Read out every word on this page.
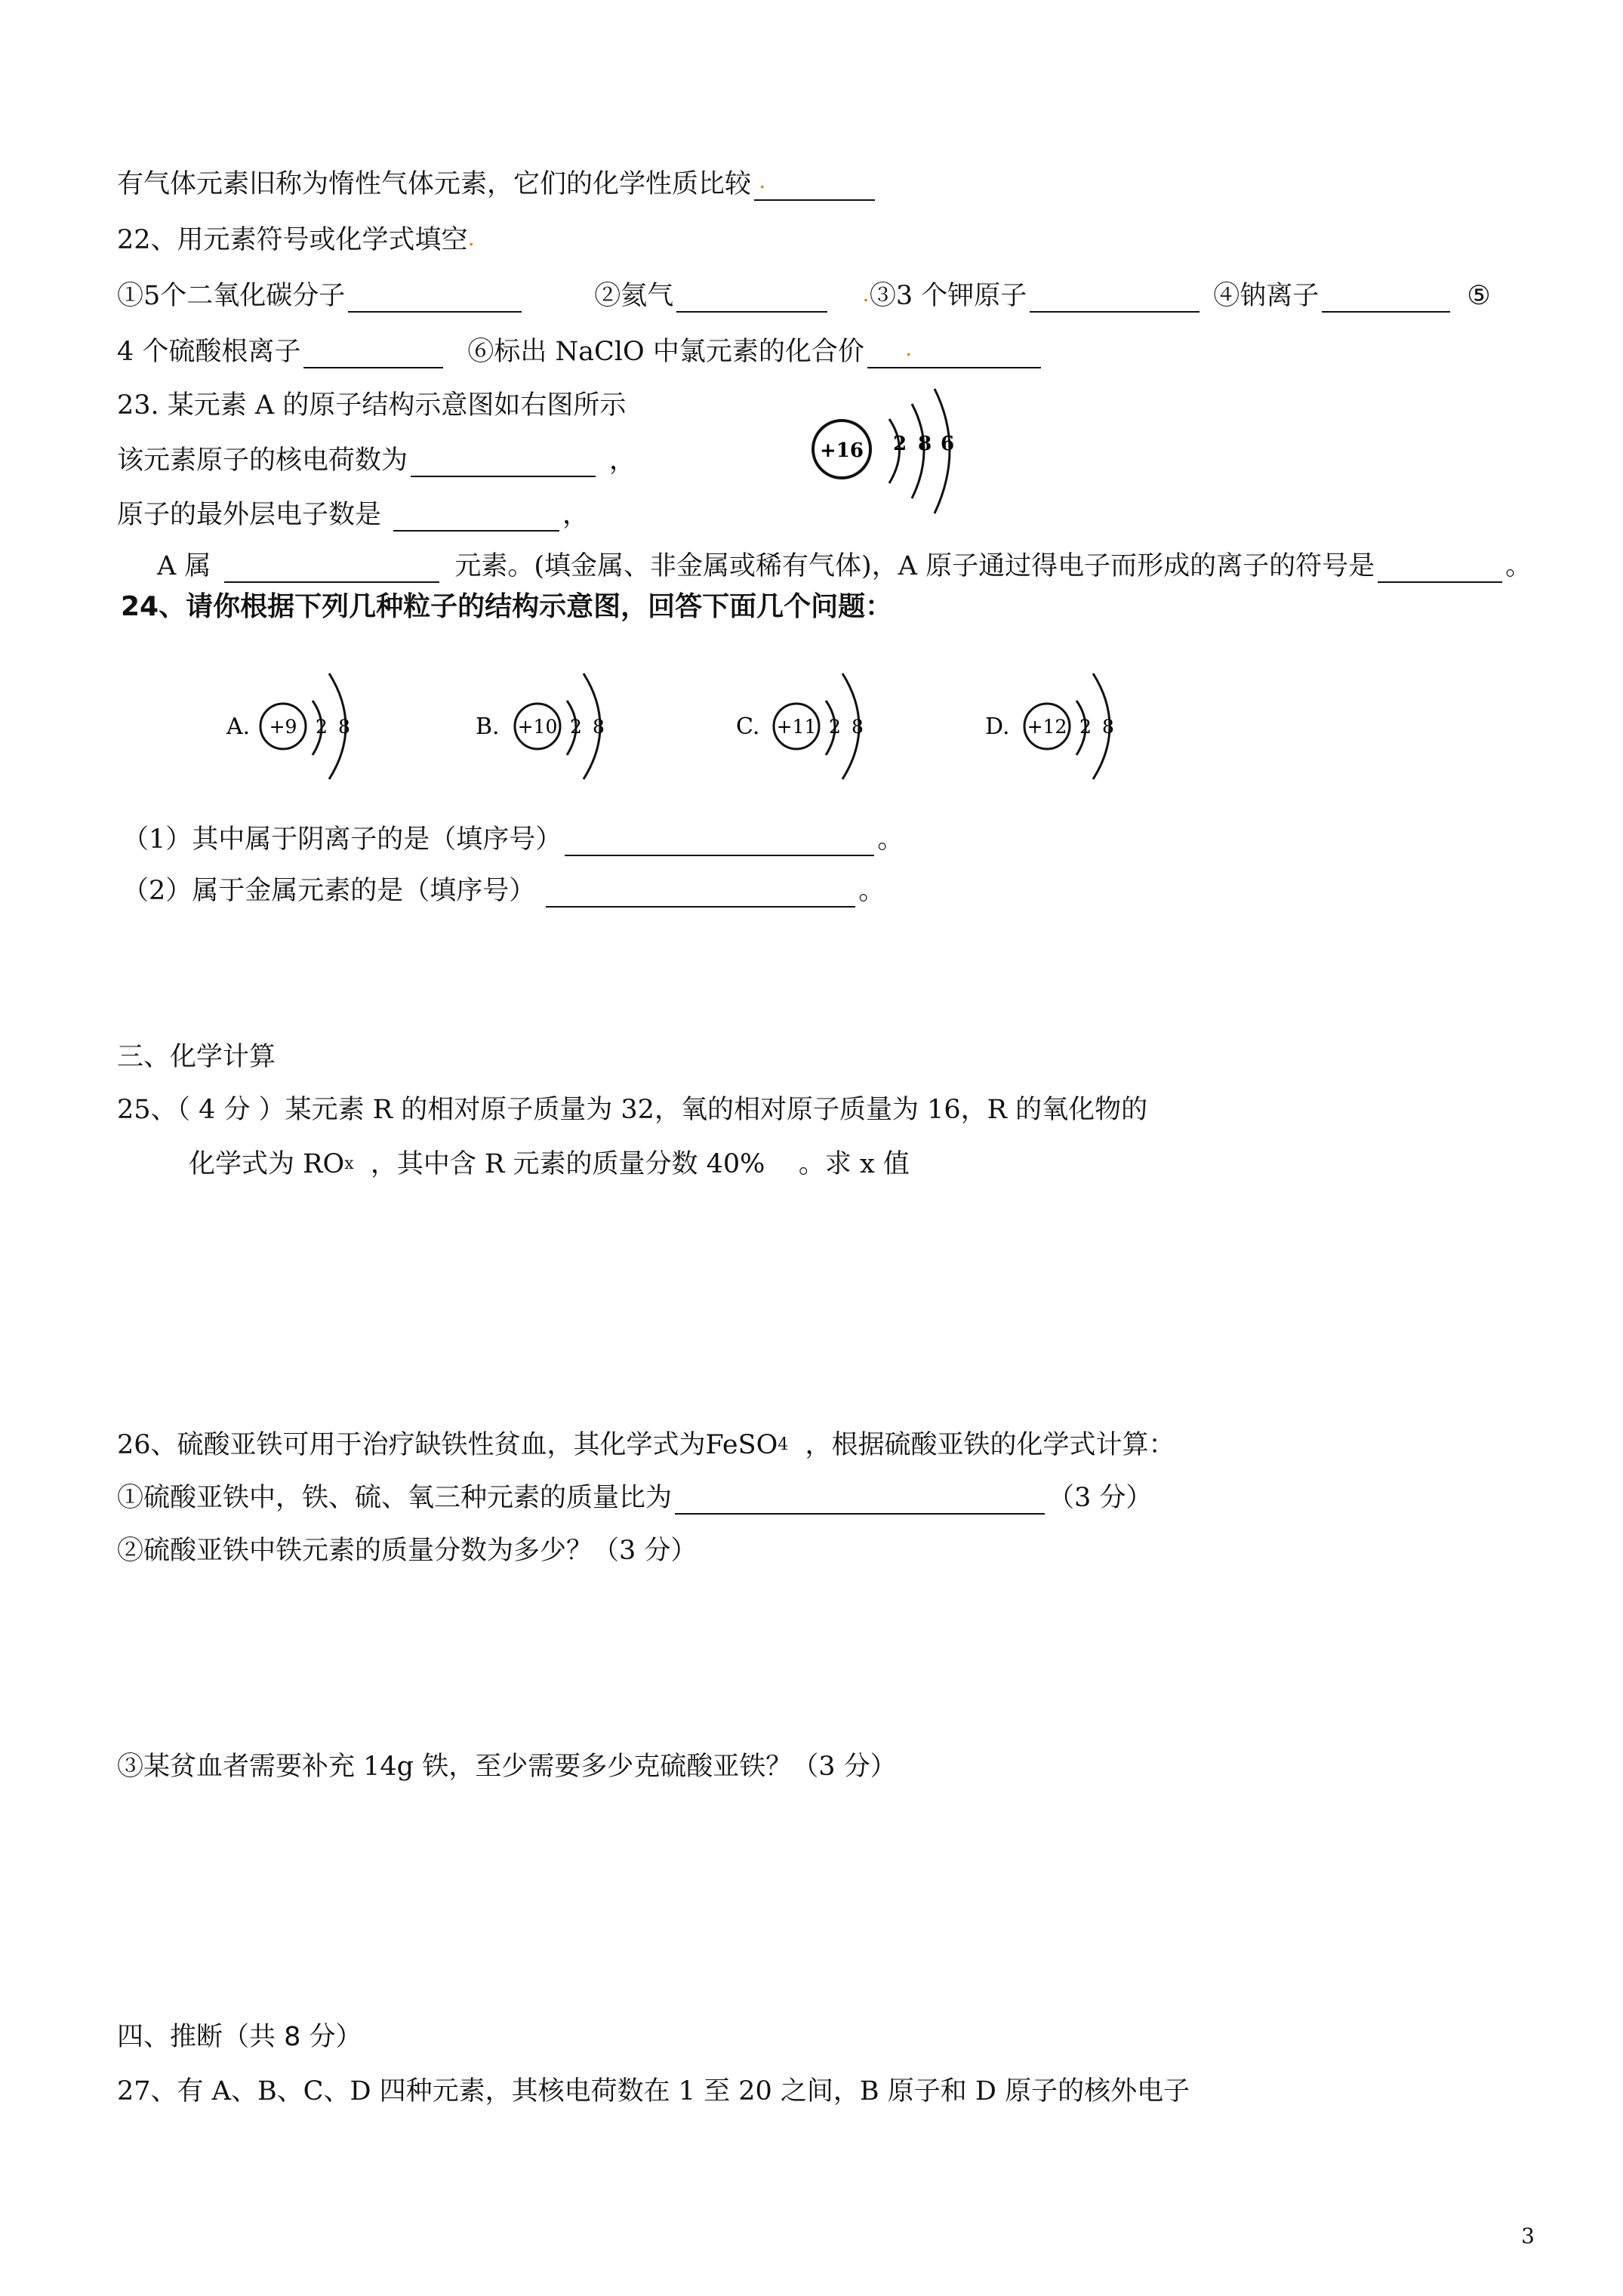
有气体元素旧称为惰性气体元素，它们的化学性质比较 .
22、用元素符号或化学式填空 .
①5个二氧化碳分子	②氦气	. ③3 个钾原子	④钠离子	⑤
4 个硫酸根离子	⑥标出 NaClO 中氯元素的化合价 .
23. 某元素 A 的原子结构示意图如右图所示
该元素原子的核电荷数为	，
原子的最外层电子数是	，
A 属	元素。(填金属、非金属或稀有气体)，A 原子通过得电子而形成的离子的符号是	。
+16 2 8 6
24、请你根据下列几种粒子的结构示意图，回答下面几个问题：
A. +9 2 8	B. +10 2 8	C. +11 2 8	D. +12 2 8
（1）其中属于阴离子的是（填序号）	。
（2）属于金属元素的是（填序号）	。
三、化学计算
25、（ 4 分 ）某元素 R 的相对原子质量为 32，氧的相对原子质量为 16，R 的氧化物的
化学式为 RO x ，其中含 R 元素的质量分数 40%    。求 x 值
26、硫酸亚铁可用于治疗缺铁性贫血，其化学式为FeSO 4 ，根据硫酸亚铁的化学式计算：
①硫酸亚铁中，铁、硫、氧三种元素的质量比为	（3 分）
②硫酸亚铁中铁元素的质量分数为多少？（3 分）
③某贫血者需要补充 14g 铁，至少需要多少克硫酸亚铁？（3 分）
四、推断（共 8 分）
27、有 A、B、C、D 四种元素，其核电荷数在 1 至 20 之间，B 原子和 D 原子的核外电子
3
